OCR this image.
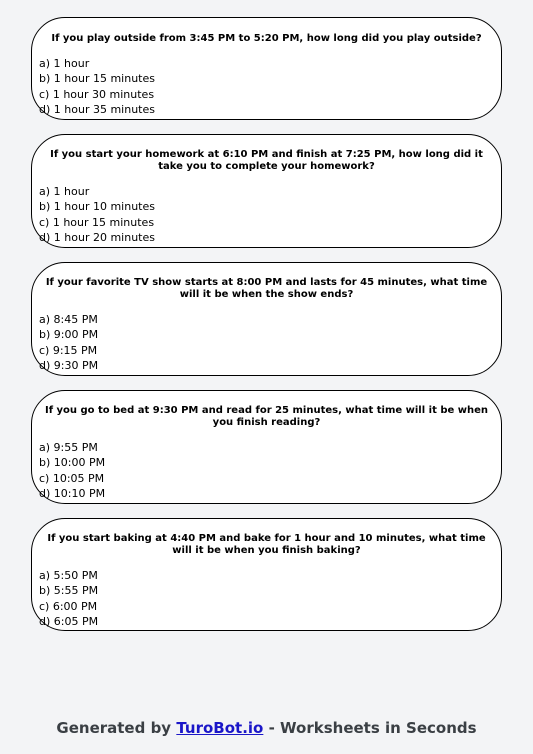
If you play outside from 3:45 PM to 5:20 PM, how long did you play outside?

a) 1 hour
b) 1 hour 15 minutes
c) 1 hour 30 minutes
d) 1 hour 35 minutes

If you start your homework at 6:10 PM and finish at 7:25 PM, how long did it take you to complete your homework?

a) 1 hour
b) 1 hour 10 minutes
c) 1 hour 15 minutes
d) 1 hour 20 minutes

If your favorite TV show starts at 8:00 PM and lasts for 45 minutes, what time will it be when the show ends?

a) 8:45 PM
b) 9:00 PM
c) 9:15 PM
d) 9:30 PM

If you go to bed at 9:30 PM and read for 25 minutes, what time will it be when you finish reading?

a) 9:55 PM
b) 10:00 PM
c) 10:05 PM
d) 10:10 PM

If you start baking at 4:40 PM and bake for 1 hour and 10 minutes, what time will it be when you finish baking?

a) 5:50 PM
b) 5:55 PM
c) 6:00 PM
d) 6:05 PM
Generated by TuroBot.io - Worksheets in Seconds
